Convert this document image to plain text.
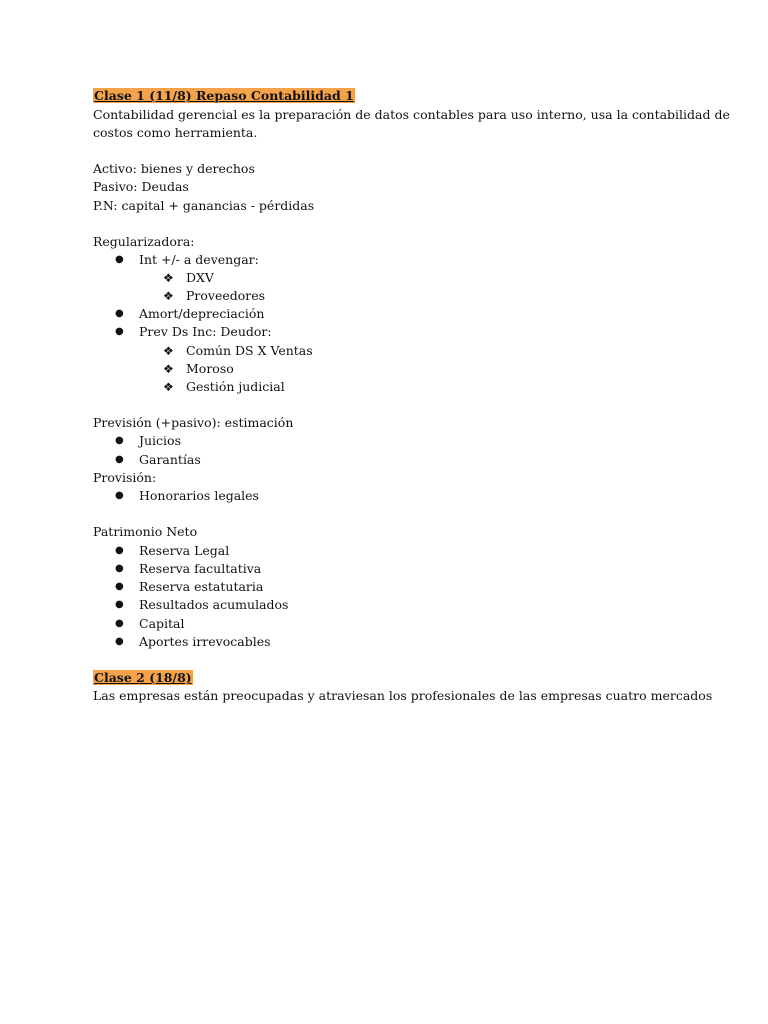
Clase 1 (11/8) Repaso Contabilidad 1
Contabilidad gerencial es la preparación de datos contables para uso interno, usa la contabilidad de
costos como herramienta.
Activo: bienes y derechos
Pasivo: Deudas
P.N: capital + ganancias - pérdidas
Regularizadora:
● Int +/- a devengar:
❖ DXV
❖ Proveedores
● Amort/depreciación
● Prev Ds Inc: Deudor:
❖ Común DS X Ventas
❖ Moroso
❖ Gestión judicial
Previsión (+pasivo): estimación
● Juicios
● Garantías
Provisión:
● Honorarios legales
Patrimonio Neto
● Reserva Legal
● Reserva facultativa
● Reserva estatutaria
● Resultados acumulados
● Capital
● Aportes irrevocables
Clase 2 (18/8)
Las empresas están preocupadas y atraviesan los profesionales de las empresas cuatro mercados
